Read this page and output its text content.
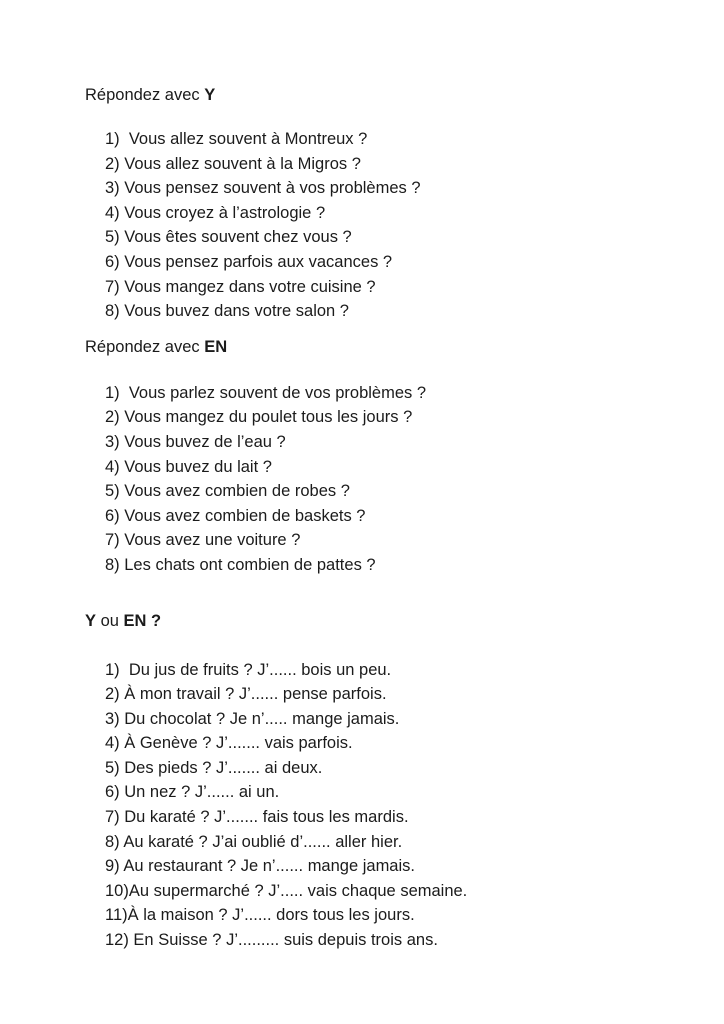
Répondez avec Y
1)  Vous allez souvent à Montreux ?
2) Vous allez souvent à la Migros ?
3) Vous pensez souvent à vos problèmes ?
4) Vous croyez à l’astrologie ?
5) Vous êtes souvent chez vous ?
6) Vous pensez parfois aux vacances ?
7) Vous mangez dans votre cuisine ?
8) Vous buvez dans votre salon ?
Répondez avec EN
1)  Vous parlez souvent de vos problèmes ?
2) Vous mangez du poulet tous les jours ?
3) Vous buvez de l’eau ?
4) Vous buvez du lait ?
5) Vous avez combien de robes ?
6) Vous avez combien de baskets ?
7) Vous avez une voiture ?
8) Les chats ont combien de pattes ?
Y ou EN ?
1)  Du jus de fruits ? J’...... bois un peu.
2) À mon travail ? J’...... pense parfois.
3) Du chocolat ? Je n’..... mange jamais.
4) À Genève ? J’....... vais parfois.
5) Des pieds ? J’....... ai deux.
6) Un nez ? J’...... ai un.
7) Du karaté ? J’....... fais tous les mardis.
8) Au karaté ? J’ai oublié d’...... aller hier.
9) Au restaurant ? Je n’...... mange jamais.
10)Au supermarché ? J’..... vais chaque semaine.
11)À la maison ? J’...... dors tous les jours.
12) En Suisse ? J’......... suis depuis trois ans.
